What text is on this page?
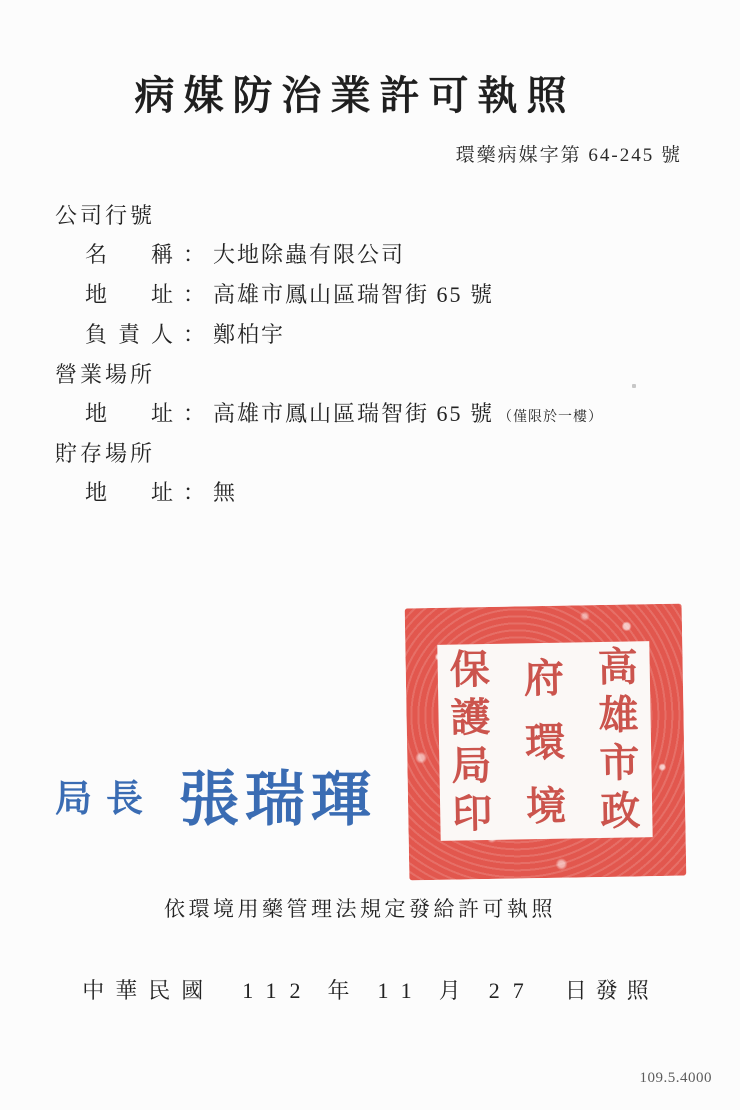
病媒防治業許可執照
環藥病媒字第 64-245 號
公司行號
名稱 ： 大地除蟲有限公司
地址 ： 高雄市鳳山區瑞智街 65 號
負責人 ： 鄭柏宇
營業場所
地址 ： 高雄市鳳山區瑞智街 65 號 （僅限於一樓）
貯存場所
地址 ： 無
高雄市政
府環境
保護局印
局長 張瑞琿
依環境用藥管理法規定發給許可執照
中華民國 112 年 11 月 27 日發照
109.5.4000
